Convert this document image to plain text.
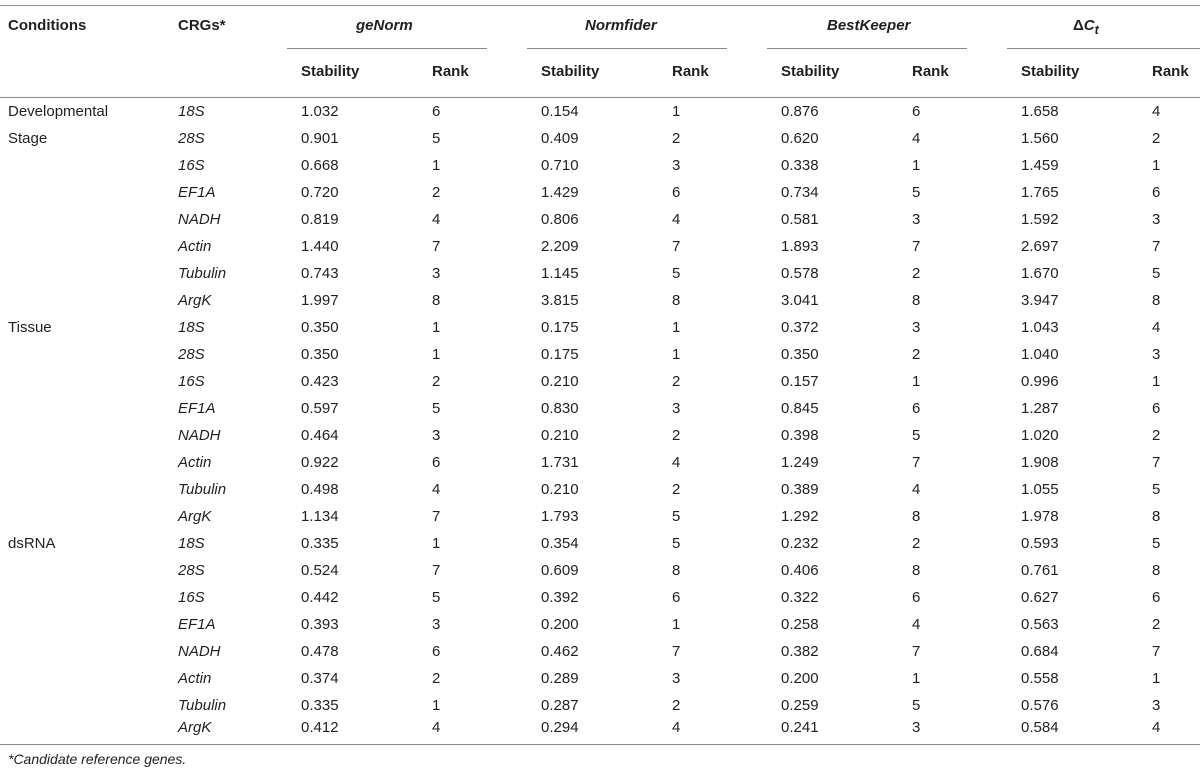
Conditions	CRGs*	geNorm	Normfider	BestKeeper	$\Delta C_t$
Stability	Rank	Stability	Rank	Stability	Rank	Stability	Rank
Developmental	18S	1.032	6	0.154	1	0.876	6	1.658	4
Stage	28S	0.901	5	0.409	2	0.620	4	1.560	2
16S	0.668	1	0.710	3	0.338	1	1.459	1
EF1A	0.720	2	1.429	6	0.734	5	1.765	6
NADH	0.819	4	0.806	4	0.581	3	1.592	3
Actin	1.440	7	2.209	7	1.893	7	2.697	7
Tubulin	0.743	3	1.145	5	0.578	2	1.670	5
ArgK	1.997	8	3.815	8	3.041	8	3.947	8
Tissue	18S	0.350	1	0.175	1	0.372	3	1.043	4
28S	0.350	1	0.175	1	0.350	2	1.040	3
16S	0.423	2	0.210	2	0.157	1	0.996	1
EF1A	0.597	5	0.830	3	0.845	6	1.287	6
NADH	0.464	3	0.210	2	0.398	5	1.020	2
Actin	0.922	6	1.731	4	1.249	7	1.908	7
Tubulin	0.498	4	0.210	2	0.389	4	1.055	5
ArgK	1.134	7	1.793	5	1.292	8	1.978	8
dsRNA	18S	0.335	1	0.354	5	0.232	2	0.593	5
28S	0.524	7	0.609	8	0.406	8	0.761	8
16S	0.442	5	0.392	6	0.322	6	0.627	6
EF1A	0.393	3	0.200	1	0.258	4	0.563	2
NADH	0.478	6	0.462	7	0.382	7	0.684	7
Actin	0.374	2	0.289	3	0.200	1	0.558	1
Tubulin	0.335	1	0.287	2	0.259	5	0.576	3
ArgK	0.412	4	0.294	4	0.241	3	0.584	4
*Candidate reference genes.
